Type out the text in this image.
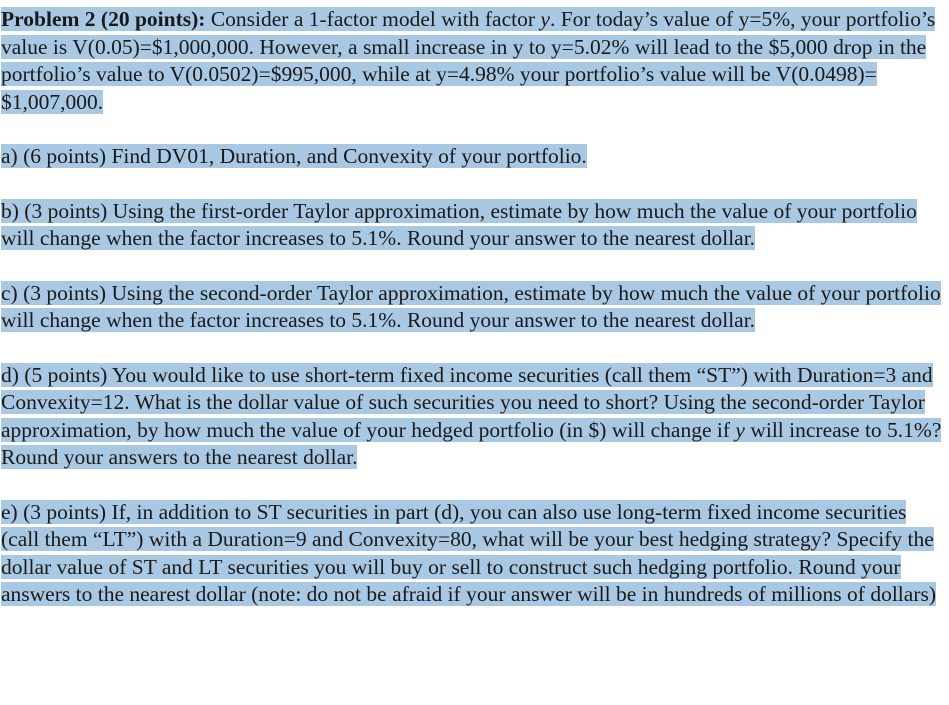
Problem 2 (20 points): Consider a 1-factor model with factor y. For today’s value of y=5%, your portfolio’s value is V(0.05)=$1,000,000. However, a small increase in y to y=5.02% will lead to the $5,000 drop in the portfolio’s value to V(0.0502)=$995,000, while at y=4.98% your portfolio’s value will be V(0.0498)= $1,007,000.

a) (6 points) Find DV01, Duration, and Convexity of your portfolio.

b) (3 points) Using the first-order Taylor approximation, estimate by how much the value of your portfolio will change when the factor increases to 5.1%. Round your answer to the nearest dollar.

c) (3 points) Using the second-order Taylor approximation, estimate by how much the value of your portfolio will change when the factor increases to 5.1%. Round your answer to the nearest dollar.

d) (5 points) You would like to use short-term fixed income securities (call them “ST”) with Duration=3 and Convexity=12. What is the dollar value of such securities you need to short? Using the second-order Taylor approximation, by how much the value of your hedged portfolio (in $) will change if y will increase to 5.1%? Round your answers to the nearest dollar.

e) (3 points) If, in addition to ST securities in part (d), you can also use long-term fixed income securities (call them “LT”) with a Duration=9 and Convexity=80, what will be your best hedging strategy? Specify the dollar value of ST and LT securities you will buy or sell to construct such hedging portfolio. Round your answers to the nearest dollar (note: do not be afraid if your answer will be in hundreds of millions of dollars)
